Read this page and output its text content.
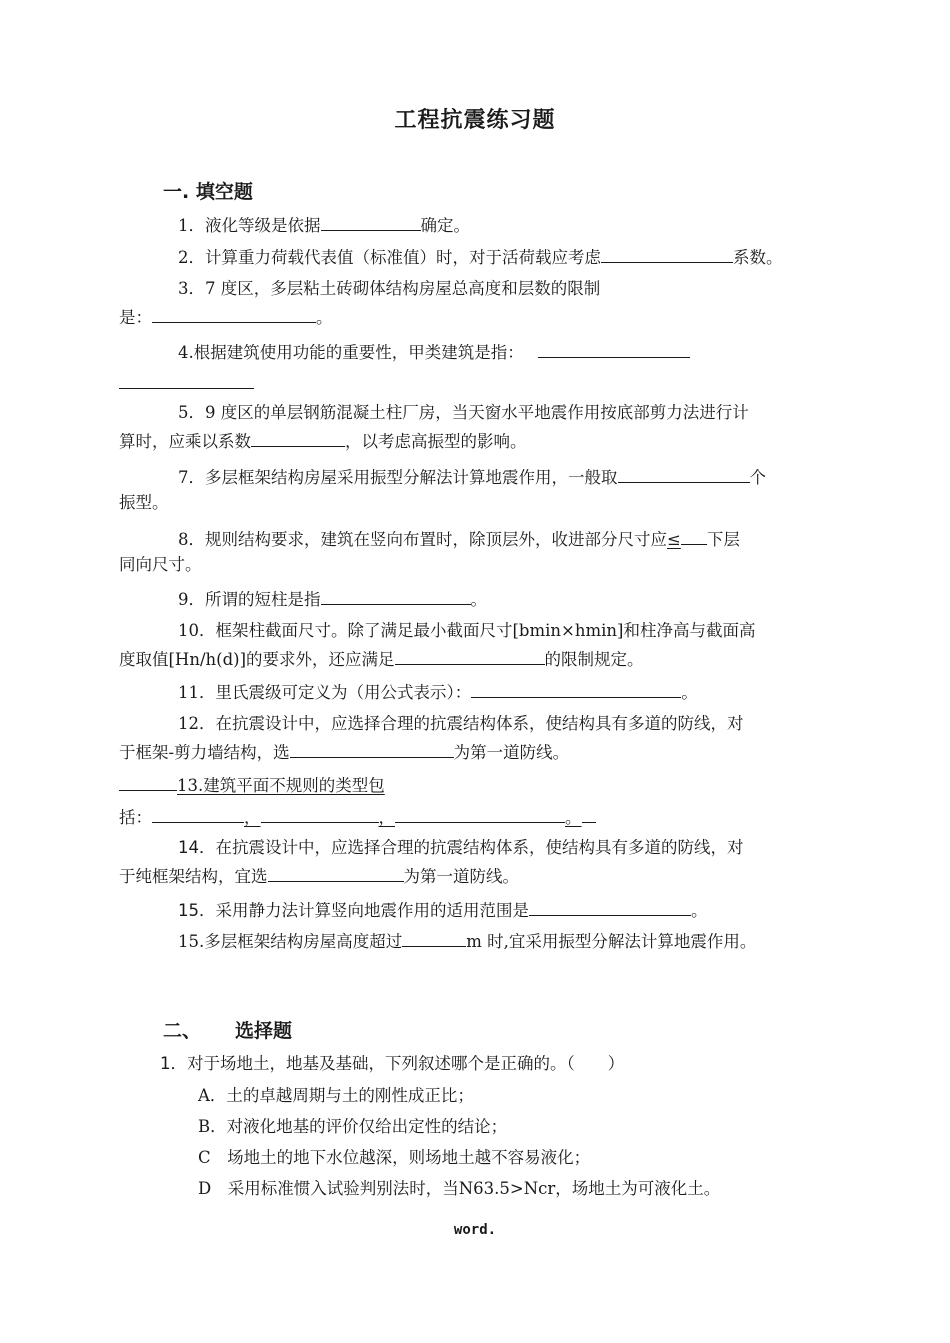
工程抗震练习题
一. 填空题
1．液化等级是依据	确定。
2．计算重力荷载代表值（标准值）时，对于活荷载应考虑	系数。
3．7 度区，多层粘土砖砌体结构房屋总高度和层数的限制
是：	。
4.根据建筑使用功能的重要性，甲类建筑是指：
5．9 度区的单层钢筋混凝土柱厂房，当天窗水平地震作用按底部剪力法进行计
算时，应乘以系数	，以考虑高振型的影响。
7．多层框架结构房屋采用振型分解法计算地震作用，一般取	个
振型。
8．规则结构要求，建筑在竖向布置时，除顶层外，收进部分尺寸应≤ 下层
同向尺寸。
9．所谓的短柱是指	。
10．框架柱截面尺寸。除了满足最小截面尺寸[bmin×hmin]和柱净高与截面高
度取值[Hn/h(d)]的要求外，还应满足	的限制规定。
11．里氏震级可定义为（用公式表示）：	。
12．在抗震设计中，应选择合理的抗震结构体系，使结构具有多道的防线，对
于框架-剪力墙结构，选	为第一道防线。
13.建筑平面不规则的类型包
括：	，	，	。
14．在抗震设计中，应选择合理的抗震结构体系，使结构具有多道的防线，对
于纯框架结构，宜选	为第一道防线。
15．采用静力法计算竖向地震作用的适用范围是	。
15.多层框架结构房屋高度超过	m 时,宜采用振型分解法计算地震作用。
二、 选择题
1．对于场地土，地基及基础，下列叙述哪个是正确的。（　　）
A．土的卓越周期与土的刚性成正比；
B．对液化地基的评价仅给出定性的结论；
C　场地土的地下水位越深，则场地土越不容易液化；
D　采用标准惯入试验判别法时，当N63.5>Ncr，场地土为可液化土。
word.
